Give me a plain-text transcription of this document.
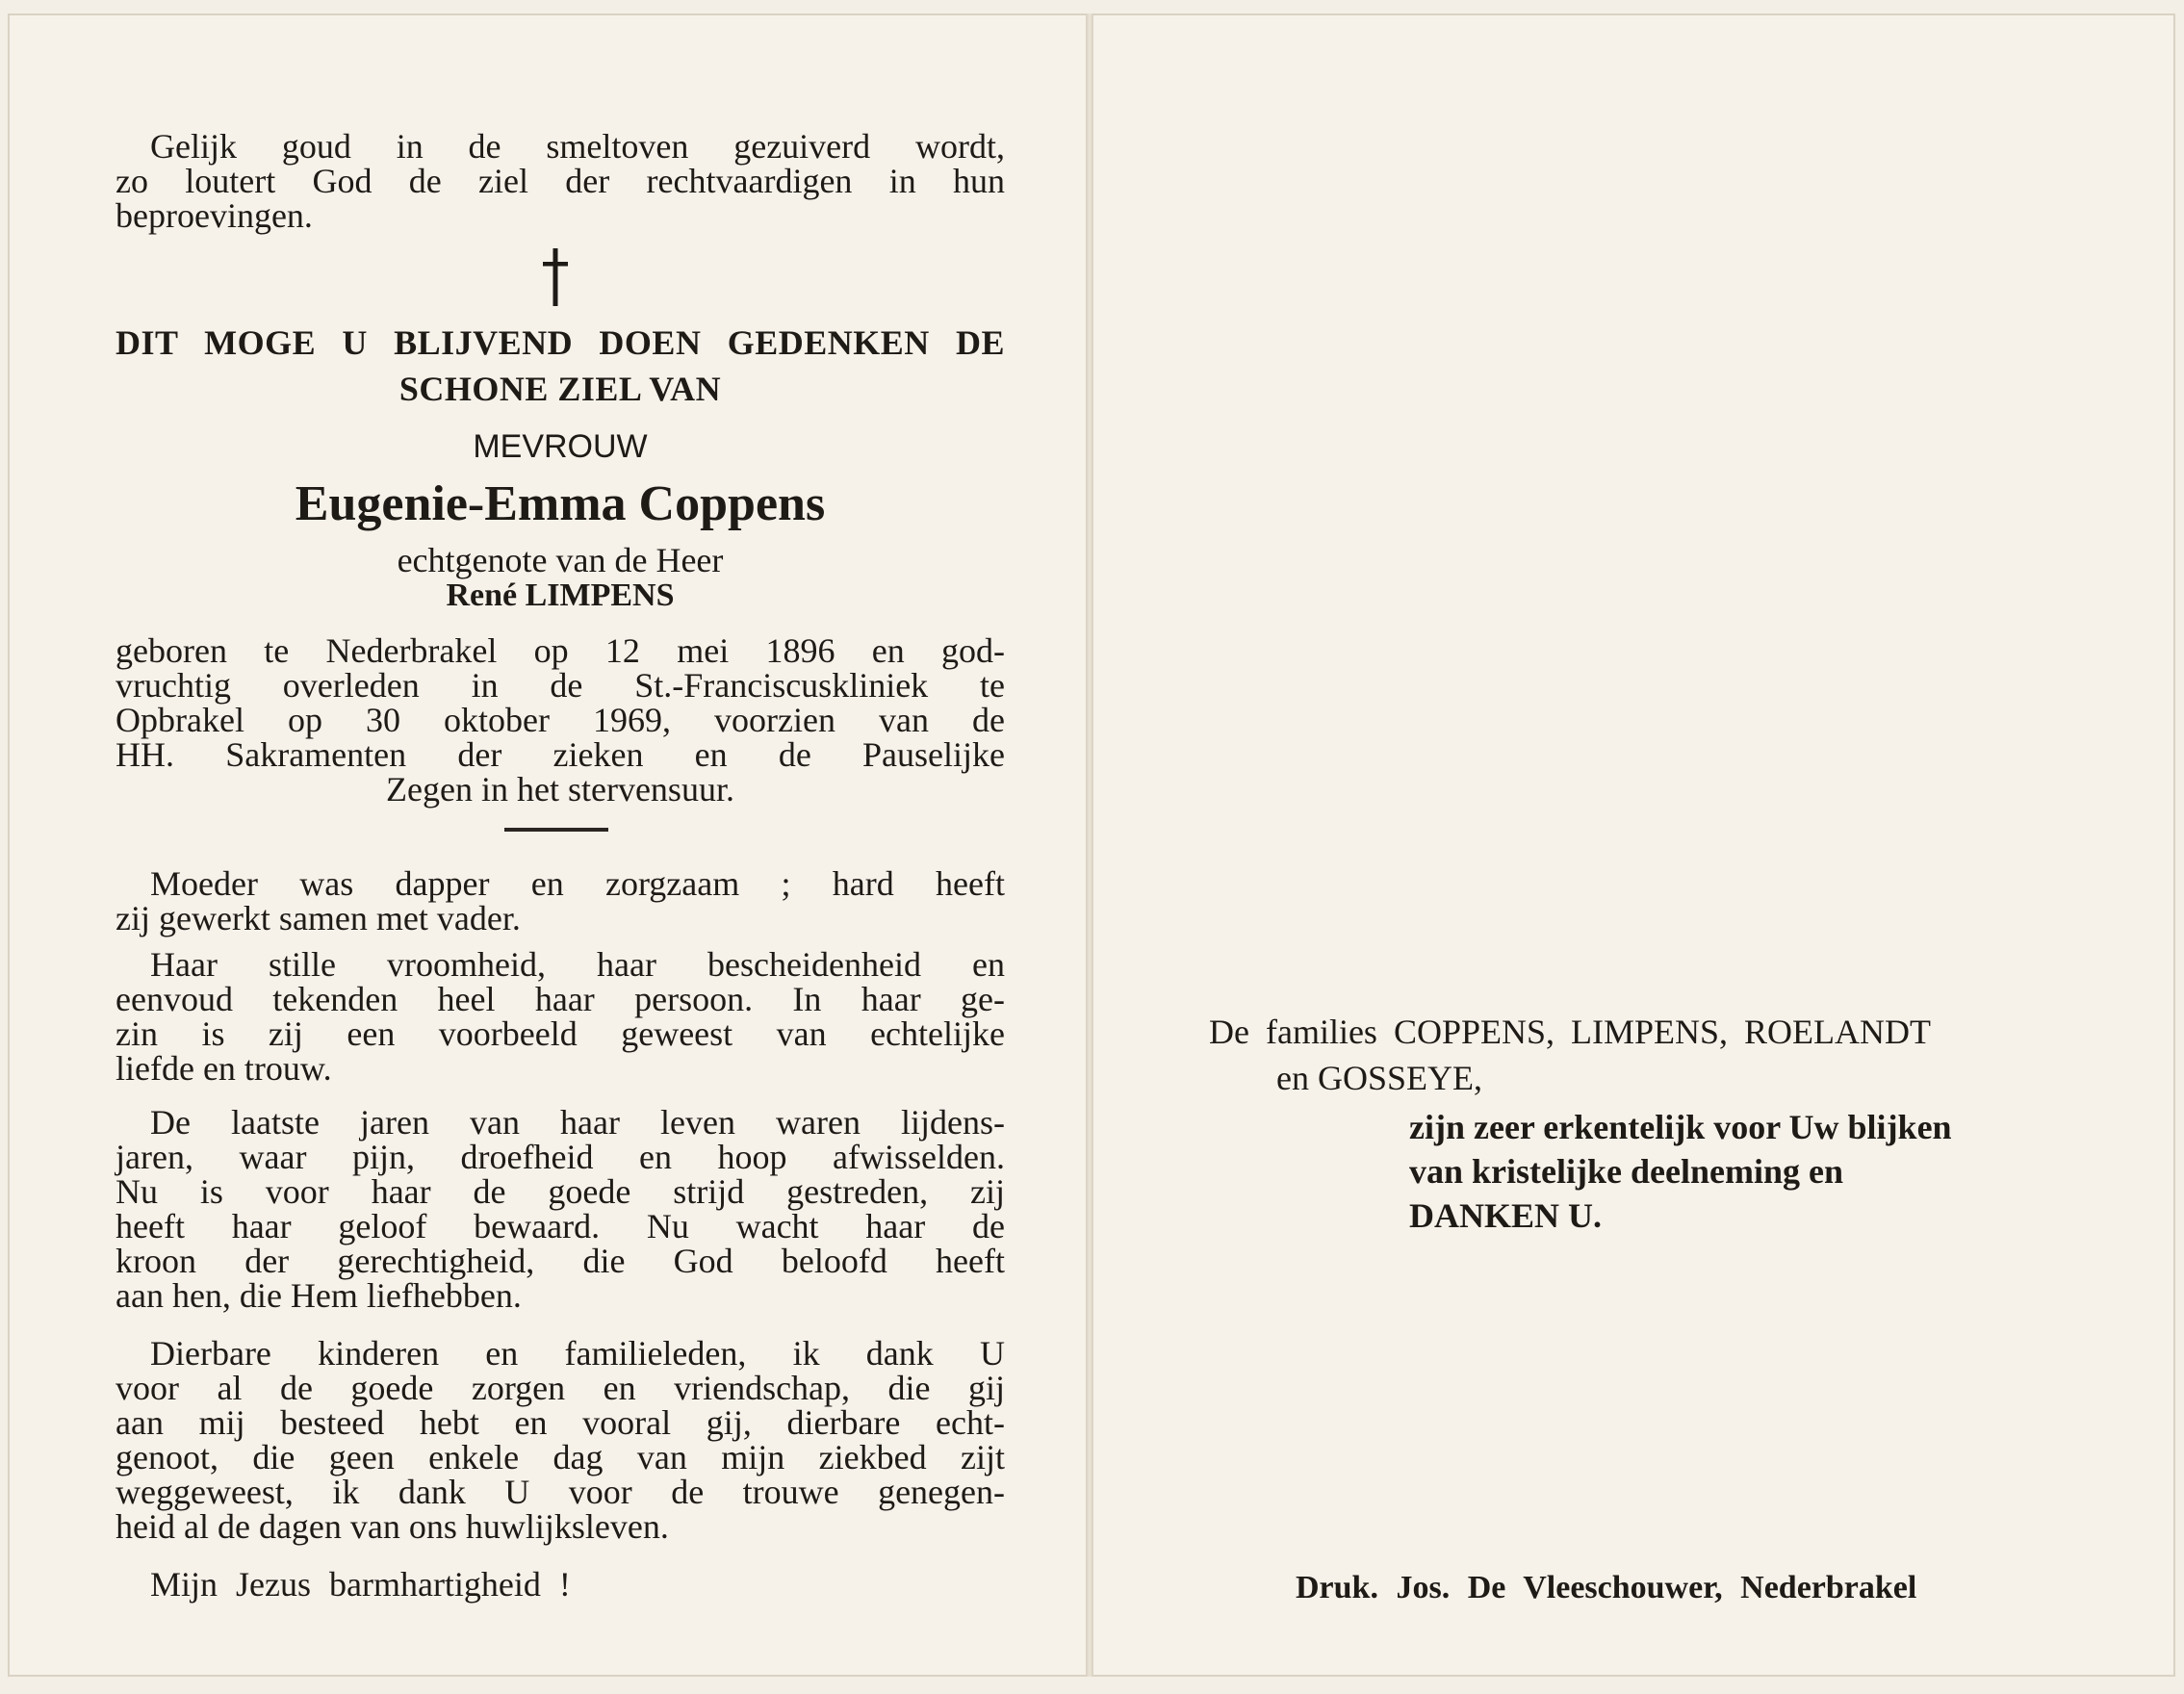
Gelijk goud in de smeltoven gezuiverd wordt,
zo loutert God de ziel der rechtvaardigen in hun
beproevingen.
DIT MOGE U BLIJVEND DOEN GEDENKEN DE
SCHONE ZIEL VAN
MEVROUW
Eugenie-Emma Coppens
echtgenote van de Heer
René LIMPENS
geboren te Nederbrakel op 12 mei 1896 en god-
vruchtig overleden in de St.-Franciscuskliniek te
Opbrakel op 30 oktober 1969, voorzien van de
HH. Sakramenten der zieken en de Pauselijke
Zegen in het stervensuur.
Moeder was dapper en zorgzaam ; hard heeft
zij gewerkt samen met vader.
Haar stille vroomheid, haar bescheidenheid en
eenvoud tekenden heel haar persoon. In haar ge-
zin is zij een voorbeeld geweest van echtelijke
liefde en trouw.
De laatste jaren van haar leven waren lijdens-
jaren, waar pijn, droefheid en hoop afwisselden.
Nu is voor haar de goede strijd gestreden, zij
heeft haar geloof bewaard. Nu wacht haar de
kroon der gerechtigheid, die God beloofd heeft
aan hen, die Hem liefhebben.
Dierbare kinderen en familieleden, ik dank U
voor al de goede zorgen en vriendschap, die gij
aan mij besteed hebt en vooral gij, dierbare echt-
genoot, die geen enkele dag van mijn ziekbed zijt
weggeweest, ik dank U voor de trouwe genegen-
heid al de dagen van ons huwlijksleven.
Mijn Jezus barmhartigheid !
De families COPPENS, LIMPENS, ROELANDT
en GOSSEYE,
zijn zeer erkentelijk voor Uw blijken
van kristelijke deelneming en
DANKEN U.
Druk. Jos. De Vleeschouwer, Nederbrakel
